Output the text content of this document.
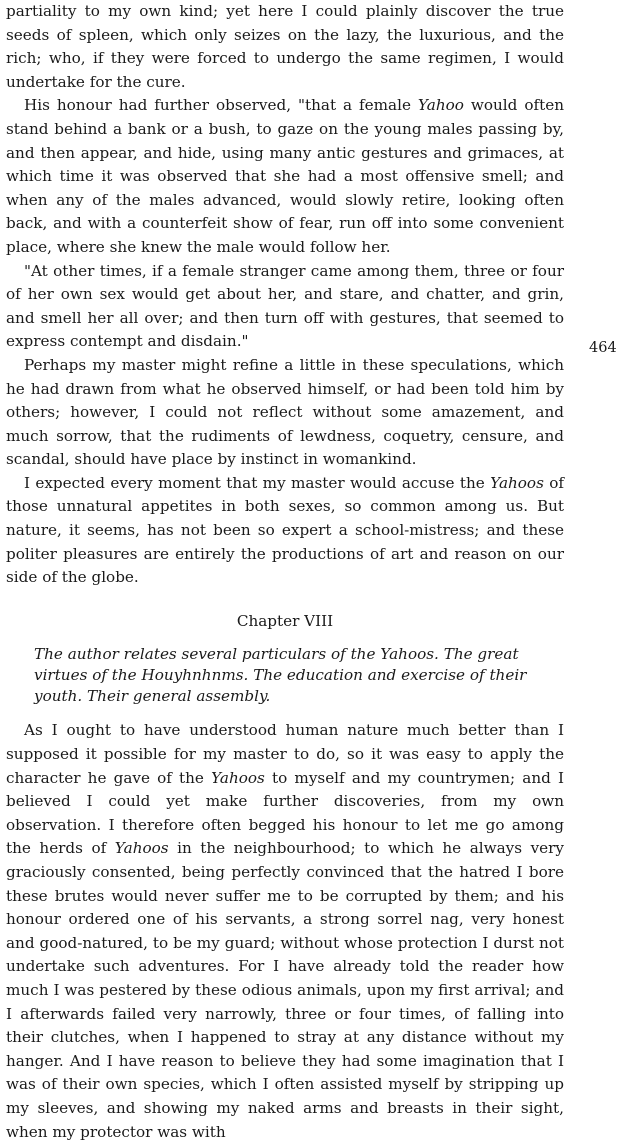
partiality to my own kind; yet here I could plainly discover the true seeds of spleen, which only seizes on the lazy, the luxurious, and the rich; who, if they were forced to undergo the same regimen, I would undertake for the cure.

His honour had further observed, "that a female Yahoo would often stand behind a bank or a bush, to gaze on the young males passing by, and then appear, and hide, using many antic gestures and grimaces, at which time it was observed that she had a most offensive smell; and when any of the males advanced, would slowly retire, looking often back, and with a counterfeit show of fear, run off into some convenient place, where she knew the male would follow her.

"At other times, if a female stranger came among them, three or four of her own sex would get about her, and stare, and chatter, and grin, and smell her all over; and then turn off with gestures, that seemed to express contempt and disdain."

Perhaps my master might refine a little in these speculations, which he had drawn from what he observed himself, or had been told him by others; however, I could not reflect without some amazement, and much sorrow, that the rudiments of lewdness, coquetry, censure, and scandal, should have place by instinct in womankind.

I expected every moment that my master would accuse the Yahoos of those unnatural appetites in both sexes, so common among us. But nature, it seems, has not been so expert a school-mistress; and these politer pleasures are entirely the productions of art and reason on our side of the globe.

Chapter VIII

The author relates several particulars of the Yahoos. The great virtues of the Houyhnhnms. The education and exercise of their youth. Their general assembly.

As I ought to have understood human nature much better than I supposed it possible for my master to do, so it was easy to apply the character he gave of the Yahoos to myself and my countrymen; and I believed I could yet make further discoveries, from my own observation. I therefore often begged his honour to let me go among the herds of Yahoos in the neighbourhood; to which he always very graciously consented, being perfectly convinced that the hatred I bore these brutes would never suffer me to be corrupted by them; and his honour ordered one of his servants, a strong sorrel nag, very honest and good-natured, to be my guard; without whose protection I durst not undertake such adventures. For I have already told the reader how much I was pestered by these odious animals, upon my first arrival; and I afterwards failed very narrowly, three or four times, of falling into their clutches, when I happened to stray at any distance without my hanger. And I have reason to believe they had some imagination that I was of their own species, which I often assisted myself by stripping up my sleeves, and showing my naked arms and breasts in their sight, when my protector was with

464
